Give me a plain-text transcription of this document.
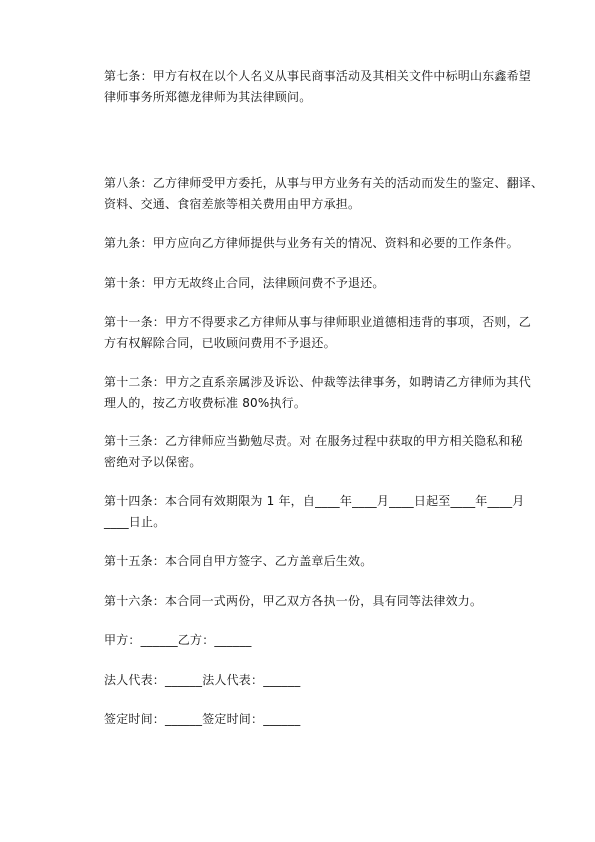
第七条：甲方有权在以个人名义从事民商事活动及其相关文件中标明山东鑫希望
律师事务所郑德龙律师为其法律顾问。
第八条：乙方律师受甲方委托，从事与甲方业务有关的活动而发生的鉴定、翻译、
资料、交通、食宿差旅等相关费用由甲方承担。
第九条：甲方应向乙方律师提供与业务有关的情况、资料和必要的工作条件。
第十条：甲方无故终止合同，法律顾问费不予退还。
第十一条：甲方不得要求乙方律师从事与律师职业道德相违背的事项，否则，乙
方有权解除合同，已收顾问费用不予退还。
第十二条：甲方之直系亲属涉及诉讼、仲裁等法律事务，如聘请乙方律师为其代
理人的，按乙方收费标准 80%执行。
第十三条：乙方律师应当勤勉尽责。对 在服务过程中获取的甲方相关隐私和秘
密绝对予以保密。
第十四条：本合同有效期限为 1 年，自____年____月____日起至____年____月
____日止。
第十五条：本合同自甲方签字、乙方盖章后生效。
第十六条：本合同一式两份，甲乙双方各执一份，具有同等法律效力。
甲方：______乙方：______
法人代表：______法人代表：______
签定时间：______签定时间：______
